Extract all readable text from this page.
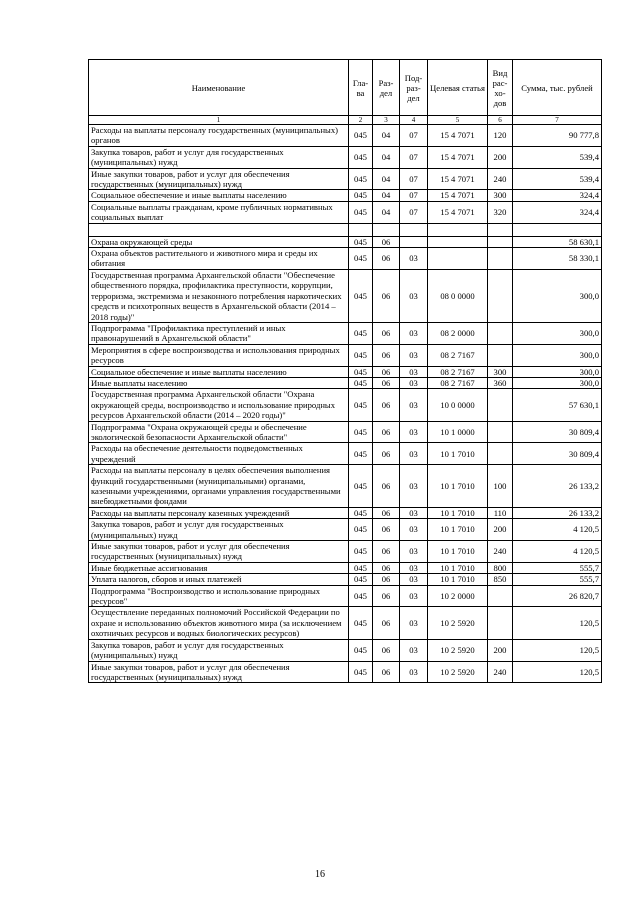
Наименование	Гла-ва	Раз-дел	Под-раз-дел	Целевая статья	Вид рас-хо-дов	Сумма, тыс. рублей
1	2	3	4	5	6	7
Расходы на выплаты персоналу государственных (муниципальных) органов	045	04	07	15 4 7071	120	90 777,8
Закупка товаров, работ и услуг для государственных (муниципальных) нужд	045	04	07	15 4 7071	200	539,4
Иные закупки товаров, работ и услуг для обеспечения государственных (муниципальных) нужд	045	04	07	15 4 7071	240	539,4
Социальное обеспечение и иные выплаты населению	045	04	07	15 4 7071	300	324,4
Социальные выплаты гражданам, кроме публичных нормативных социальных выплат	045	04	07	15 4 7071	320	324,4

Охрана окружающей среды	045	06				58 630,1
Охрана объектов растительного и животного мира и среды их обитания	045	06	03			58 330,1
Государственная программа Архангельской области "Обеспечение общественного порядка, профилактика преступности, коррупции, терроризма, экстремизма и незаконного потребления наркотических средств и психотропных веществ в Архангельской области (2014 – 2018 годы)"	045	06	03	08 0 0000		300,0
Подпрограмма "Профилактика преступлений и иных правонарушений в Архангельской области"	045	06	03	08 2 0000		300,0
Мероприятия в сфере воспроизводства и использования природных ресурсов	045	06	03	08 2 7167		300,0
Социальное обеспечение и иные выплаты населению	045	06	03	08 2 7167	300	300,0
Иные выплаты населению	045	06	03	08 2 7167	360	300,0
Государственная программа Архангельской области "Охрана окружающей среды, воспроизводство и использование природных ресурсов Архангельской области (2014 – 2020 годы)"	045	06	03	10 0 0000		57 630,1
Подпрограмма "Охрана окружающей среды и обеспечение экологической безопасности Архангельской области"	045	06	03	10 1 0000		30 809,4
Расходы на обеспечение деятельности подведомственных учреждений	045	06	03	10 1 7010		30 809,4
Расходы на выплаты персоналу в целях обеспечения выполнения функций государственными (муниципальными) органами, казенными учреждениями, органами управления государственными внебюджетными фондами	045	06	03	10 1 7010	100	26 133,2
Расходы на выплаты персоналу казенных учреждений	045	06	03	10 1 7010	110	26 133,2
Закупка товаров, работ и услуг для государственных (муниципальных) нужд	045	06	03	10 1 7010	200	4 120,5
Иные закупки товаров, работ и услуг для обеспечения государственных (муниципальных) нужд	045	06	03	10 1 7010	240	4 120,5
Иные бюджетные ассигнования	045	06	03	10 1 7010	800	555,7
Уплата налогов, сборов и иных платежей	045	06	03	10 1 7010	850	555,7
Подпрограмма "Воспроизводство и использование природных ресурсов"	045	06	03	10 2 0000		26 820,7
Осуществление переданных полномочий Российской Федерации по охране и использованию объектов животного мира (за исключением охотничьих ресурсов и водных биологических ресурсов)	045	06	03	10 2 5920		120,5
Закупка товаров, работ и услуг для государственных (муниципальных) нужд	045	06	03	10 2 5920	200	120,5
Иные закупки товаров, работ и услуг для обеспечения государственных (муниципальных) нужд	045	06	03	10 2 5920	240	120,5
16
